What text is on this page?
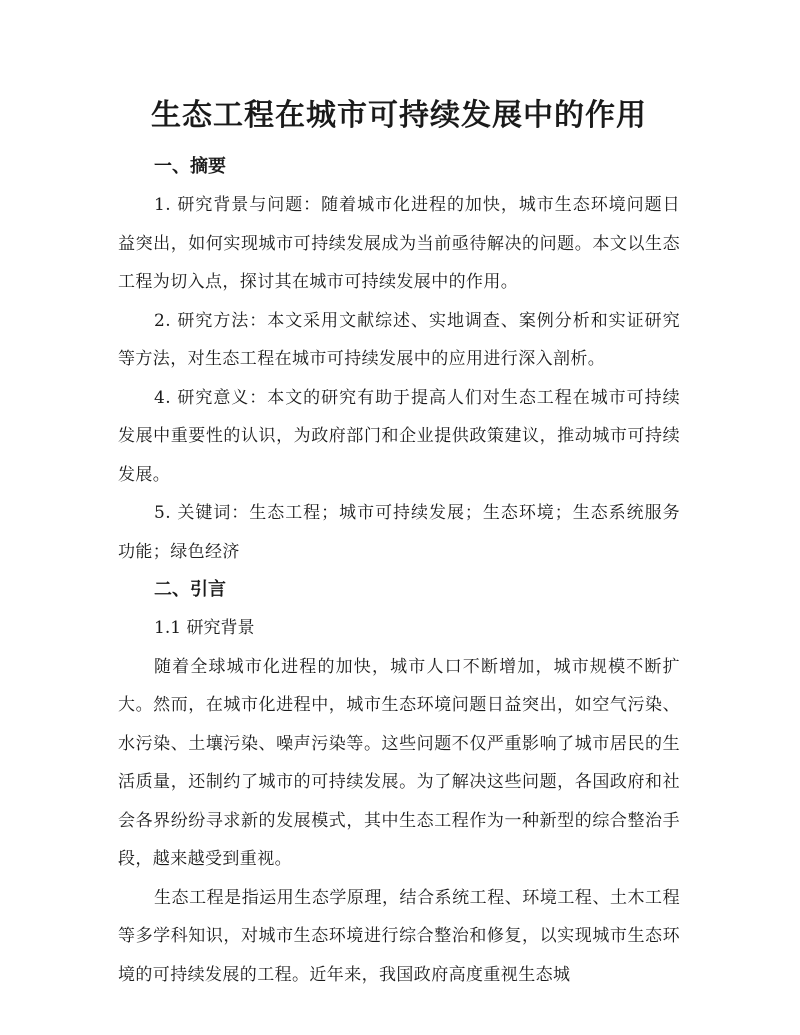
生态工程在城市可持续发展中的作用
一、摘要

1. 研究背景与问题：随着城市化进程的加快，城市生态环境问题日益突出，如何实现城市可持续发展成为当前亟待解决的问题。本文以生态工程为切入点，探讨其在城市可持续发展中的作用。

2. 研究方法：本文采用文献综述、实地调查、案例分析和实证研究等方法，对生态工程在城市可持续发展中的应用进行深入剖析。

4. 研究意义：本文的研究有助于提高人们对生态工程在城市可持续发展中重要性的认识，为政府部门和企业提供政策建议，推动城市可持续发展。

5. 关键词：生态工程；城市可持续发展；生态环境；生态系统服务功能；绿色经济

二、引言
1.1 研究背景

随着全球城市化进程的加快，城市人口不断增加，城市规模不断扩大。然而，在城市化进程中，城市生态环境问题日益突出，如空气污染、水污染、土壤污染、噪声污染等。这些问题不仅严重影响了城市居民的生活质量，还制约了城市的可持续发展。为了解决这些问题，各国政府和社会各界纷纷寻求新的发展模式，其中生态工程作为一种新型的综合整治手段，越来越受到重视。

生态工程是指运用生态学原理，结合系统工程、环境工程、土木工程等多学科知识，对城市生态环境进行综合整治和修复，以实现城市生态环境的可持续发展的工程。近年来，我国政府高度重视生态城
